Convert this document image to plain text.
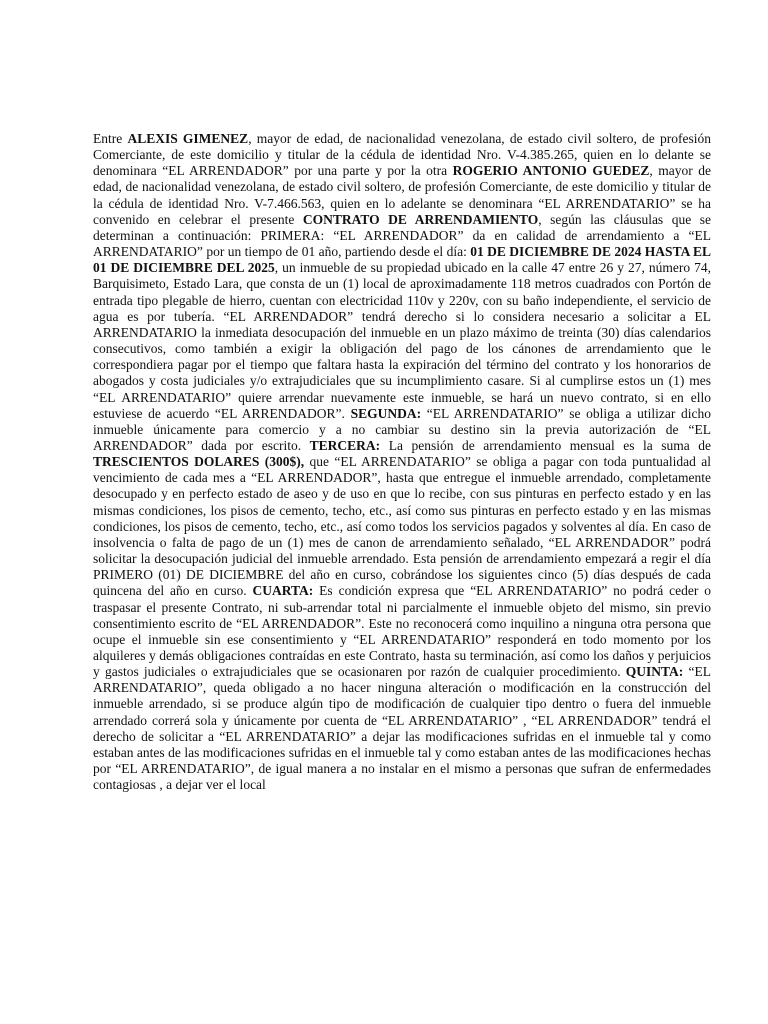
Entre ALEXIS GIMENEZ, mayor de edad, de nacionalidad venezolana, de estado civil soltero, de profesión Comerciante, de este domicilio y titular de la cédula de identidad Nro. V-4.385.265, quien en lo delante se denominara “EL ARRENDADOR” por una parte y por la otra ROGERIO ANTONIO GUEDEZ, mayor de edad, de nacionalidad venezolana, de estado civil soltero, de profesión Comerciante, de este domicilio y titular de la cédula de identidad Nro. V-7.466.563, quien en lo adelante se denominara “EL ARRENDATARIO” se ha convenido en celebrar el presente CONTRATO DE ARRENDAMIENTO, según las cláusulas que se determinan a continuación: PRIMERA: “EL ARRENDADOR” da en calidad de arrendamiento a “EL ARRENDATARIO” por un tiempo de 01 año, partiendo desde el día: 01 DE DICIEMBRE DE 2024 HASTA EL 01 DE DICIEMBRE DEL 2025, un inmueble de su propiedad ubicado en la calle 47 entre 26 y 27, número 74, Barquisimeto, Estado Lara, que consta de un (1) local de aproximadamente 118 metros cuadrados con Portón de entrada tipo plegable de hierro, cuentan con electricidad 110v y 220v, con su baño independiente, el servicio de agua es por tubería. “EL ARRENDADOR” tendrá derecho si lo considera necesario a solicitar a EL ARRENDATARIO la inmediata desocupación del inmueble en un plazo máximo de treinta (30) días calendarios consecutivos, como también a exigir la obligación del pago de los cánones de arrendamiento que le correspondiera pagar por el tiempo que faltara hasta la expiración del término del contrato y los honorarios de abogados y costa judiciales y/o extrajudiciales que su incumplimiento casare. Si al cumplirse estos un (1) mes “EL ARRENDATARIO” quiere arrendar nuevamente este inmueble, se hará un nuevo contrato, si en ello estuviese de acuerdo “EL ARRENDADOR”. SEGUNDA: “EL ARRENDATARIO” se obliga a utilizar dicho inmueble únicamente para comercio y a no cambiar su destino sin la previa autorización de “EL ARRENDADOR” dada por escrito. TERCERA: La pensión de arrendamiento mensual es la suma de TRESCIENTOS DOLARES (300$), que “EL ARRENDATARIO” se obliga a pagar con toda puntualidad al vencimiento de cada mes a “EL ARRENDADOR”, hasta que entregue el inmueble arrendado, completamente desocupado y en perfecto estado de aseo y de uso en que lo recibe, con sus pinturas en perfecto estado y en las mismas condiciones, los pisos de cemento, techo, etc., así como sus pinturas en perfecto estado y en las mismas condiciones, los pisos de cemento, techo, etc., así como todos los servicios pagados y solventes al día. En caso de insolvencia o falta de pago de un (1) mes de canon de arrendamiento señalado, “EL ARRENDADOR” podrá solicitar la desocupación judicial del inmueble arrendado. Esta pensión de arrendamiento empezará a regir el día PRIMERO (01) DE DICIEMBRE del año en curso, cobrándose los siguientes cinco (5) días después de cada quincena del año en curso. CUARTA: Es condición expresa que “EL ARRENDATARIO” no podrá ceder o traspasar el presente Contrato, ni sub-arrendar total ni parcialmente el inmueble objeto del mismo, sin previo consentimiento escrito de “EL ARRENDADOR”. Este no reconocerá como inquilino a ninguna otra persona que ocupe el inmueble sin ese consentimiento y “EL ARRENDATARIO” responderá en todo momento por los alquileres y demás obligaciones contraídas en este Contrato, hasta su terminación, así como los daños y perjuicios y gastos judiciales o extrajudiciales que se ocasionaren por razón de cualquier procedimiento. QUINTA: “EL ARRENDATARIO”, queda obligado a no hacer ninguna alteración o modificación en la construcción del inmueble arrendado, si se produce algún tipo de modificación de cualquier tipo dentro o fuera del inmueble arrendado correrá sola y únicamente por cuenta de “EL ARRENDATARIO” , “EL ARRENDADOR” tendrá el derecho de solicitar a “EL ARRENDATARIO” a dejar las modificaciones sufridas en el inmueble tal y como estaban antes de las modificaciones sufridas en el inmueble tal y como estaban antes de las modificaciones hechas por “EL ARRENDATARIO”, de igual manera a no instalar en el mismo a personas que sufran de enfermedades contagiosas , a dejar ver el local
